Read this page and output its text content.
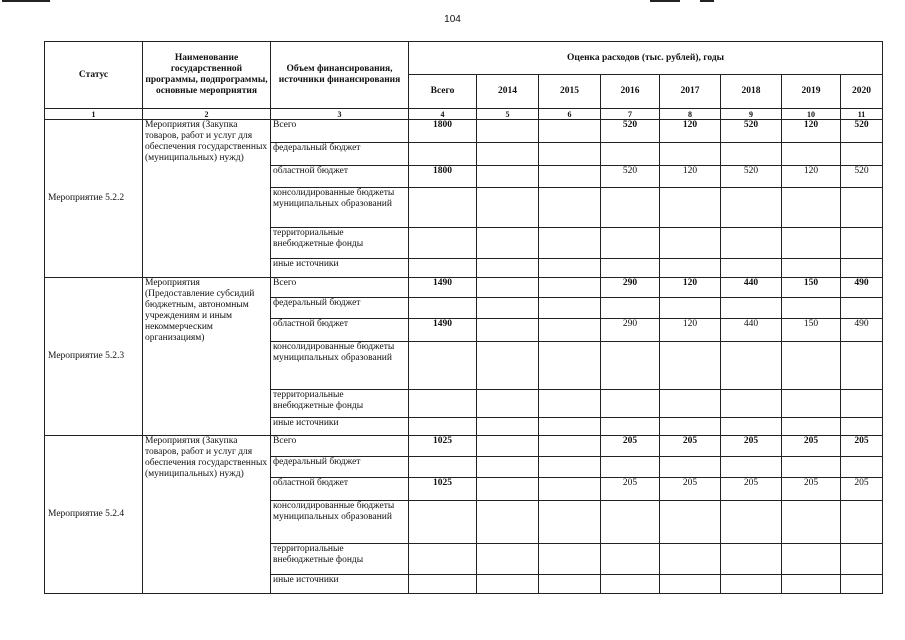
104
Статус	Наименование государственной программы, подпрограммы, основные мероприятия	Объем финансирования, источники финансирования	Оценка расходов (тыс. рублей), годы							
			Всего	2014	2015	2016	2017	2018	2019	2020
1	2	3	4	5	6	7	8	9	10	11
Мероприятие 5.2.2	Мероприятия (Закупка товаров, работ и услуг для обеспечения государственных (муниципальных) нужд)	Всего	1800			520	120	520	120	520
		федеральный бюджет								
		областной бюджет	1800			520	120	520	120	520
		консолидированные бюджеты муниципальных образований								
		территориальные внебюджетные фонды								
		иные источники								
Мероприятие 5.2.3	Мероприятия (Предоставление субсидий бюджетным, автономным учреждениям и иным некоммерческим организациям)	Всего	1490			290	120	440	150	490
		федеральный бюджет								
		областной бюджет	1490			290	120	440	150	490
		консолидированные бюджеты муниципальных образований								
		территориальные внебюджетные фонды								
		иные источники								
Мероприятие 5.2.4	Мероприятия (Закупка товаров, работ и услуг для обеспечения государственных (муниципальных) нужд)	Всего	1025			205	205	205	205	205
		федеральный бюджет								
		областной бюджет	1025			205	205	205	205	205
		консолидированные бюджеты муниципальных образований								
		территориальные внебюджетные фонды								
		иные источники								
